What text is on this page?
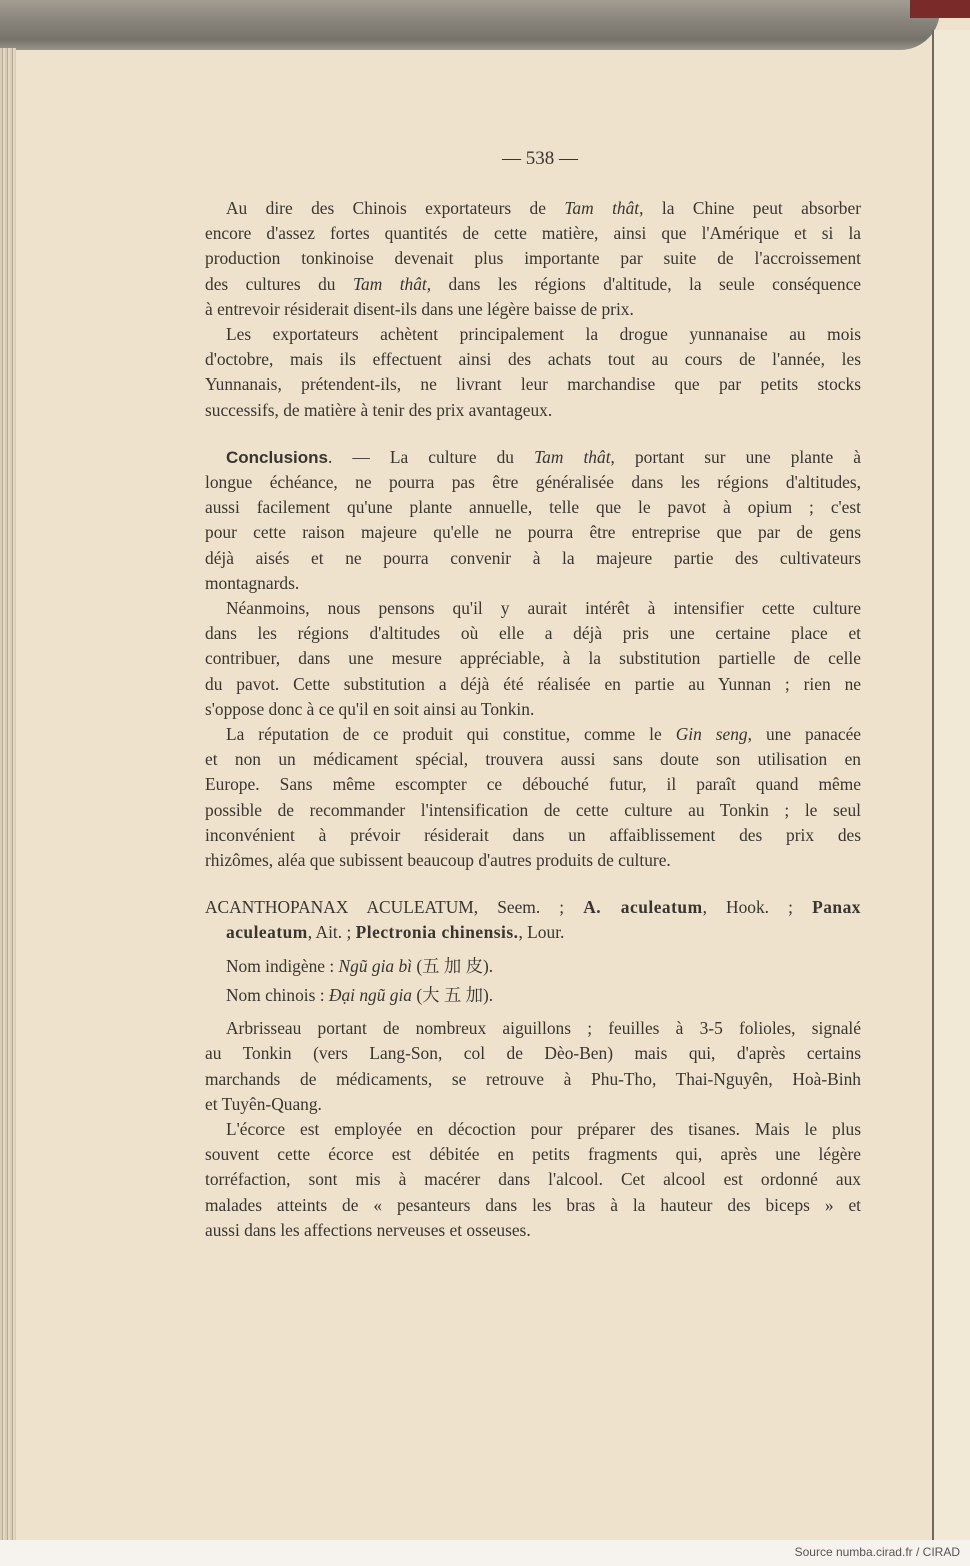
Source numba.cirad.fr / CIRAD
— 538 —
Au dire des Chinois exportateurs de Tam thât, la Chine peut absorber
encore d'assez fortes quantités de cette matière, ainsi que l'Amérique et si la
production tonkinoise devenait plus importante par suite de l'accroissement
des cultures du Tam thât, dans les régions d'altitude, la seule conséquence
à entrevoir résiderait disent-ils dans une légère baisse de prix.
Les exportateurs achètent principalement la drogue yunnanaise au mois
d'octobre, mais ils effectuent ainsi des achats tout au cours de l'année, les
Yunnanais, prétendent-ils, ne livrant leur marchandise que par petits stocks
successifs, de matière à tenir des prix avantageux.
Conclusions. — La culture du Tam thât, portant sur une plante à
longue échéance, ne pourra pas être généralisée dans les régions d'altitudes,
aussi facilement qu'une plante annuelle, telle que le pavot à opium ; c'est
pour cette raison majeure qu'elle ne pourra être entreprise que par de gens
déjà aisés et ne pourra convenir à la majeure partie des cultivateurs
montagnards.
Néanmoins, nous pensons qu'il y aurait intérêt à intensifier cette culture
dans les régions d'altitudes où elle a déjà pris une certaine place et
contribuer, dans une mesure appréciable, à la substitution partielle de celle
du pavot. Cette substitution a déjà été réalisée en partie au Yunnan ; rien ne
s'oppose donc à ce qu'il en soit ainsi au Tonkin.
La réputation de ce produit qui constitue, comme le Gin seng, une panacée
et non un médicament spécial, trouvera aussi sans doute son utilisation en
Europe. Sans même escompter ce débouché futur, il paraît quand même
possible de recommander l'intensification de cette culture au Tonkin ; le seul
inconvénient à prévoir résiderait dans un affaiblissement des prix des
rhizômes, aléa que subissent beaucoup d'autres produits de culture.
ACANTHOPANAX ACULEATUM, Seem. ; A. aculeatum, Hook. ; Panax
aculeatum, Ait. ; Plectronia chinensis., Lour.
Nom indigène : Ngũ gia bì (五 加 皮).
Nom chinois : Đại ngũ gia (大 五 加).
Arbrisseau portant de nombreux aiguillons ; feuilles à 3-5 folioles, signalé
au Tonkin (vers Lang-Son, col de Dèo-Ben) mais qui, d'après certains
marchands de médicaments, se retrouve à Phu-Tho, Thai-Nguyên, Hoà-Binh
et Tuyên-Quang.
L'écorce est employée en décoction pour préparer des tisanes. Mais le plus
souvent cette écorce est débitée en petits fragments qui, après une légère
torréfaction, sont mis à macérer dans l'alcool. Cet alcool est ordonné aux
malades atteints de « pesanteurs dans les bras à la hauteur des biceps » et
aussi dans les affections nerveuses et osseuses.
